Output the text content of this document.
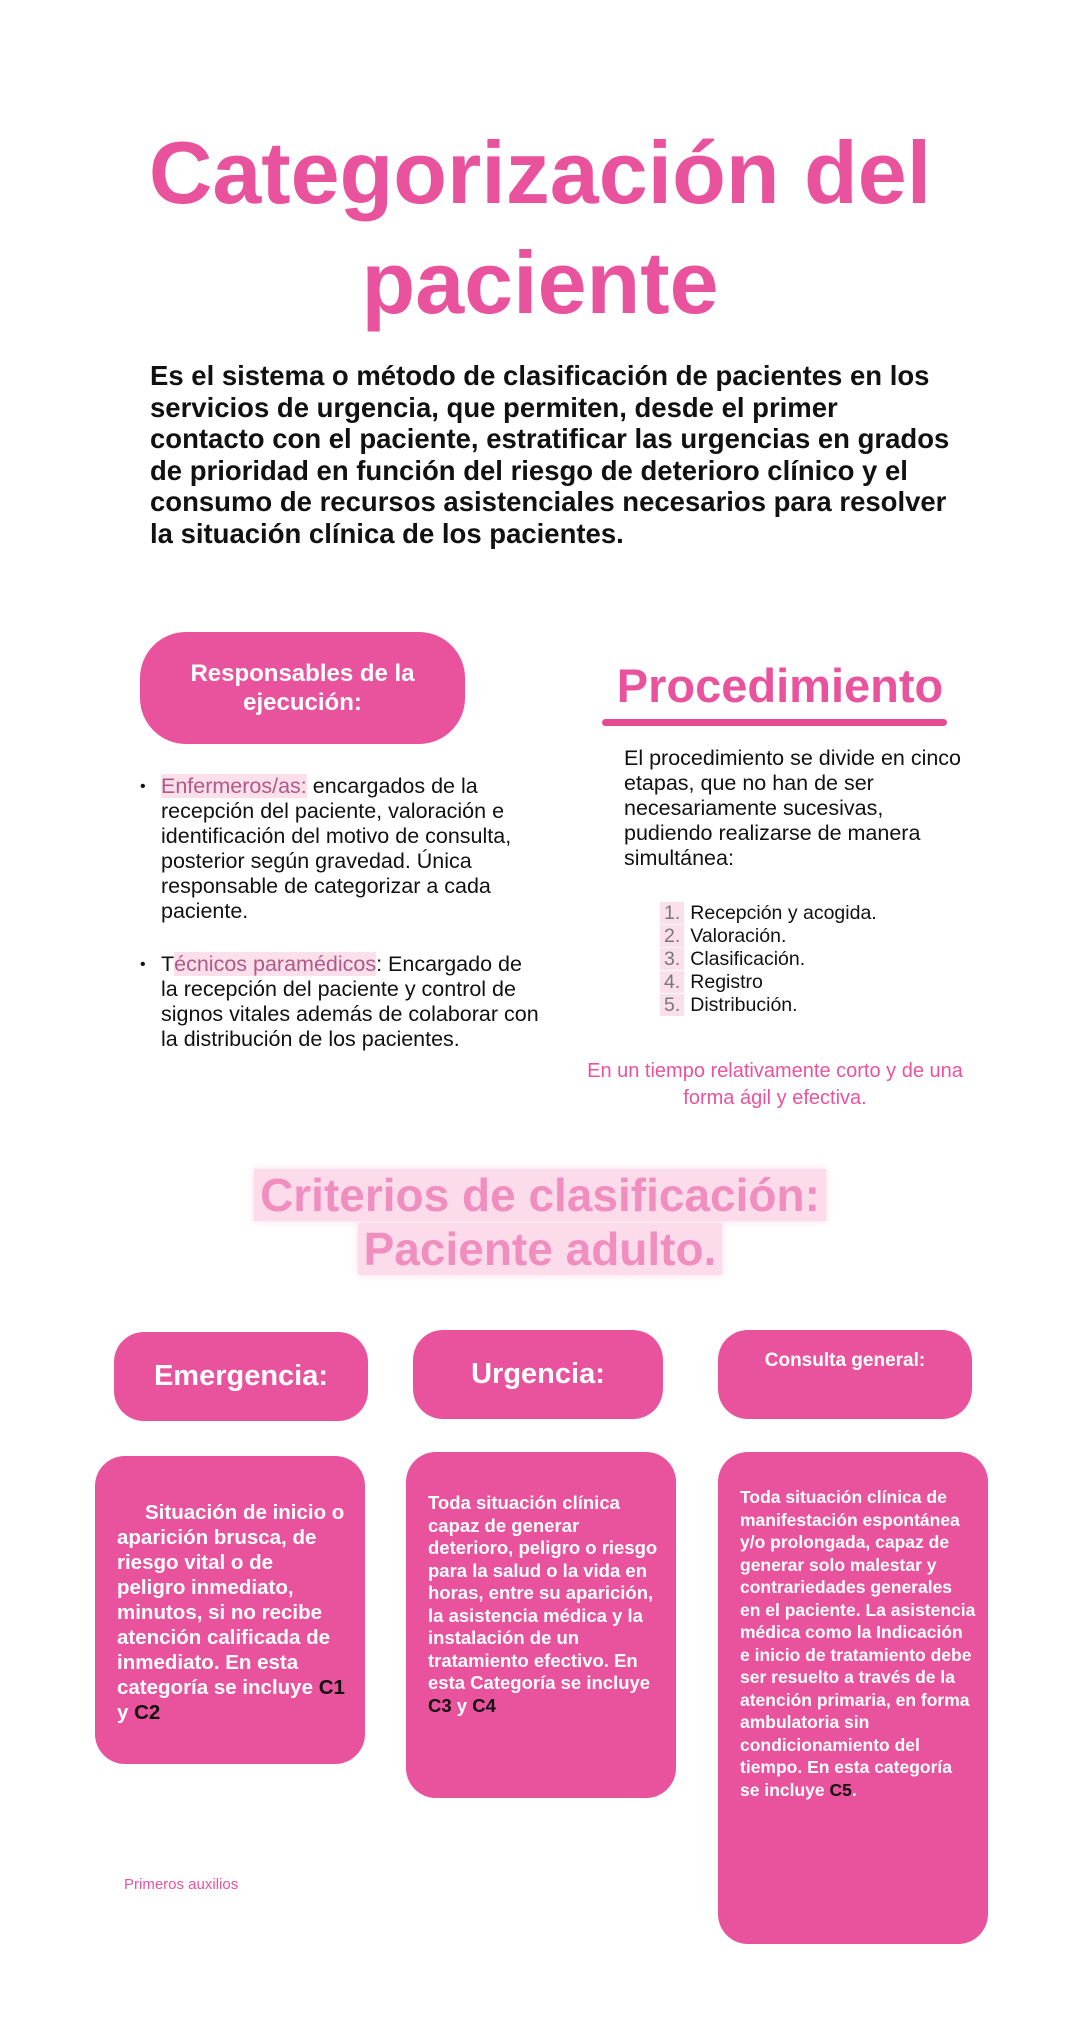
Categorización del
paciente

Es el sistema o método de clasificación de pacientes en los servicios de urgencia, que permiten, desde el primer contacto con el paciente, estratificar las urgencias en grados de prioridad en función del riesgo de deterioro clínico y el consumo de recursos asistenciales necesarios para resolver la situación clínica de los pacientes.

Responsables de la ejecución:
• Enfermeros/as: encargados de la recepción del paciente, valoración e identificación del motivo de consulta, posterior según gravedad. Única responsable de categorizar a cada paciente.
• Técnicos paramédicos: Encargado de la recepción del paciente y control de signos vitales además de colaborar con la distribución de los pacientes.
Procedimiento

El procedimiento se divide en cinco etapas, que no han de ser necesariamente sucesivas, pudiendo realizarse de manera simultánea:

1. Recepción y acogida.
2. Valoración.
3. Clasificación.
4. Registro
5. Distribución.

En un tiempo relativamente corto y de una forma ágil y efectiva.

Criterios de clasificación:
Paciente adulto.
Emergencia:	Urgencia:	Consulta general:
Situación de inicio o aparición brusca, de riesgo vital o de peligro inmediato, minutos, si no recibe atención calificada de inmediato. En esta categoría se incluye C1 y C2
Toda situación clínica capaz de generar deterioro, peligro o riesgo para la salud o la vida en horas, entre su aparición, la asistencia médica y la instalación de un tratamiento efectivo. En esta Categoría se incluye C3 y C4
Toda situación clínica de manifestación espontánea y/o prolongada, capaz de generar solo malestar y contrariedades generales en el paciente. La asistencia médica como la Indicación e inicio de tratamiento debe ser resuelto a través de la atención primaria, en forma ambulatoria sin condicionamiento del tiempo. En esta categoría se incluye C5.
Primeros auxilios
